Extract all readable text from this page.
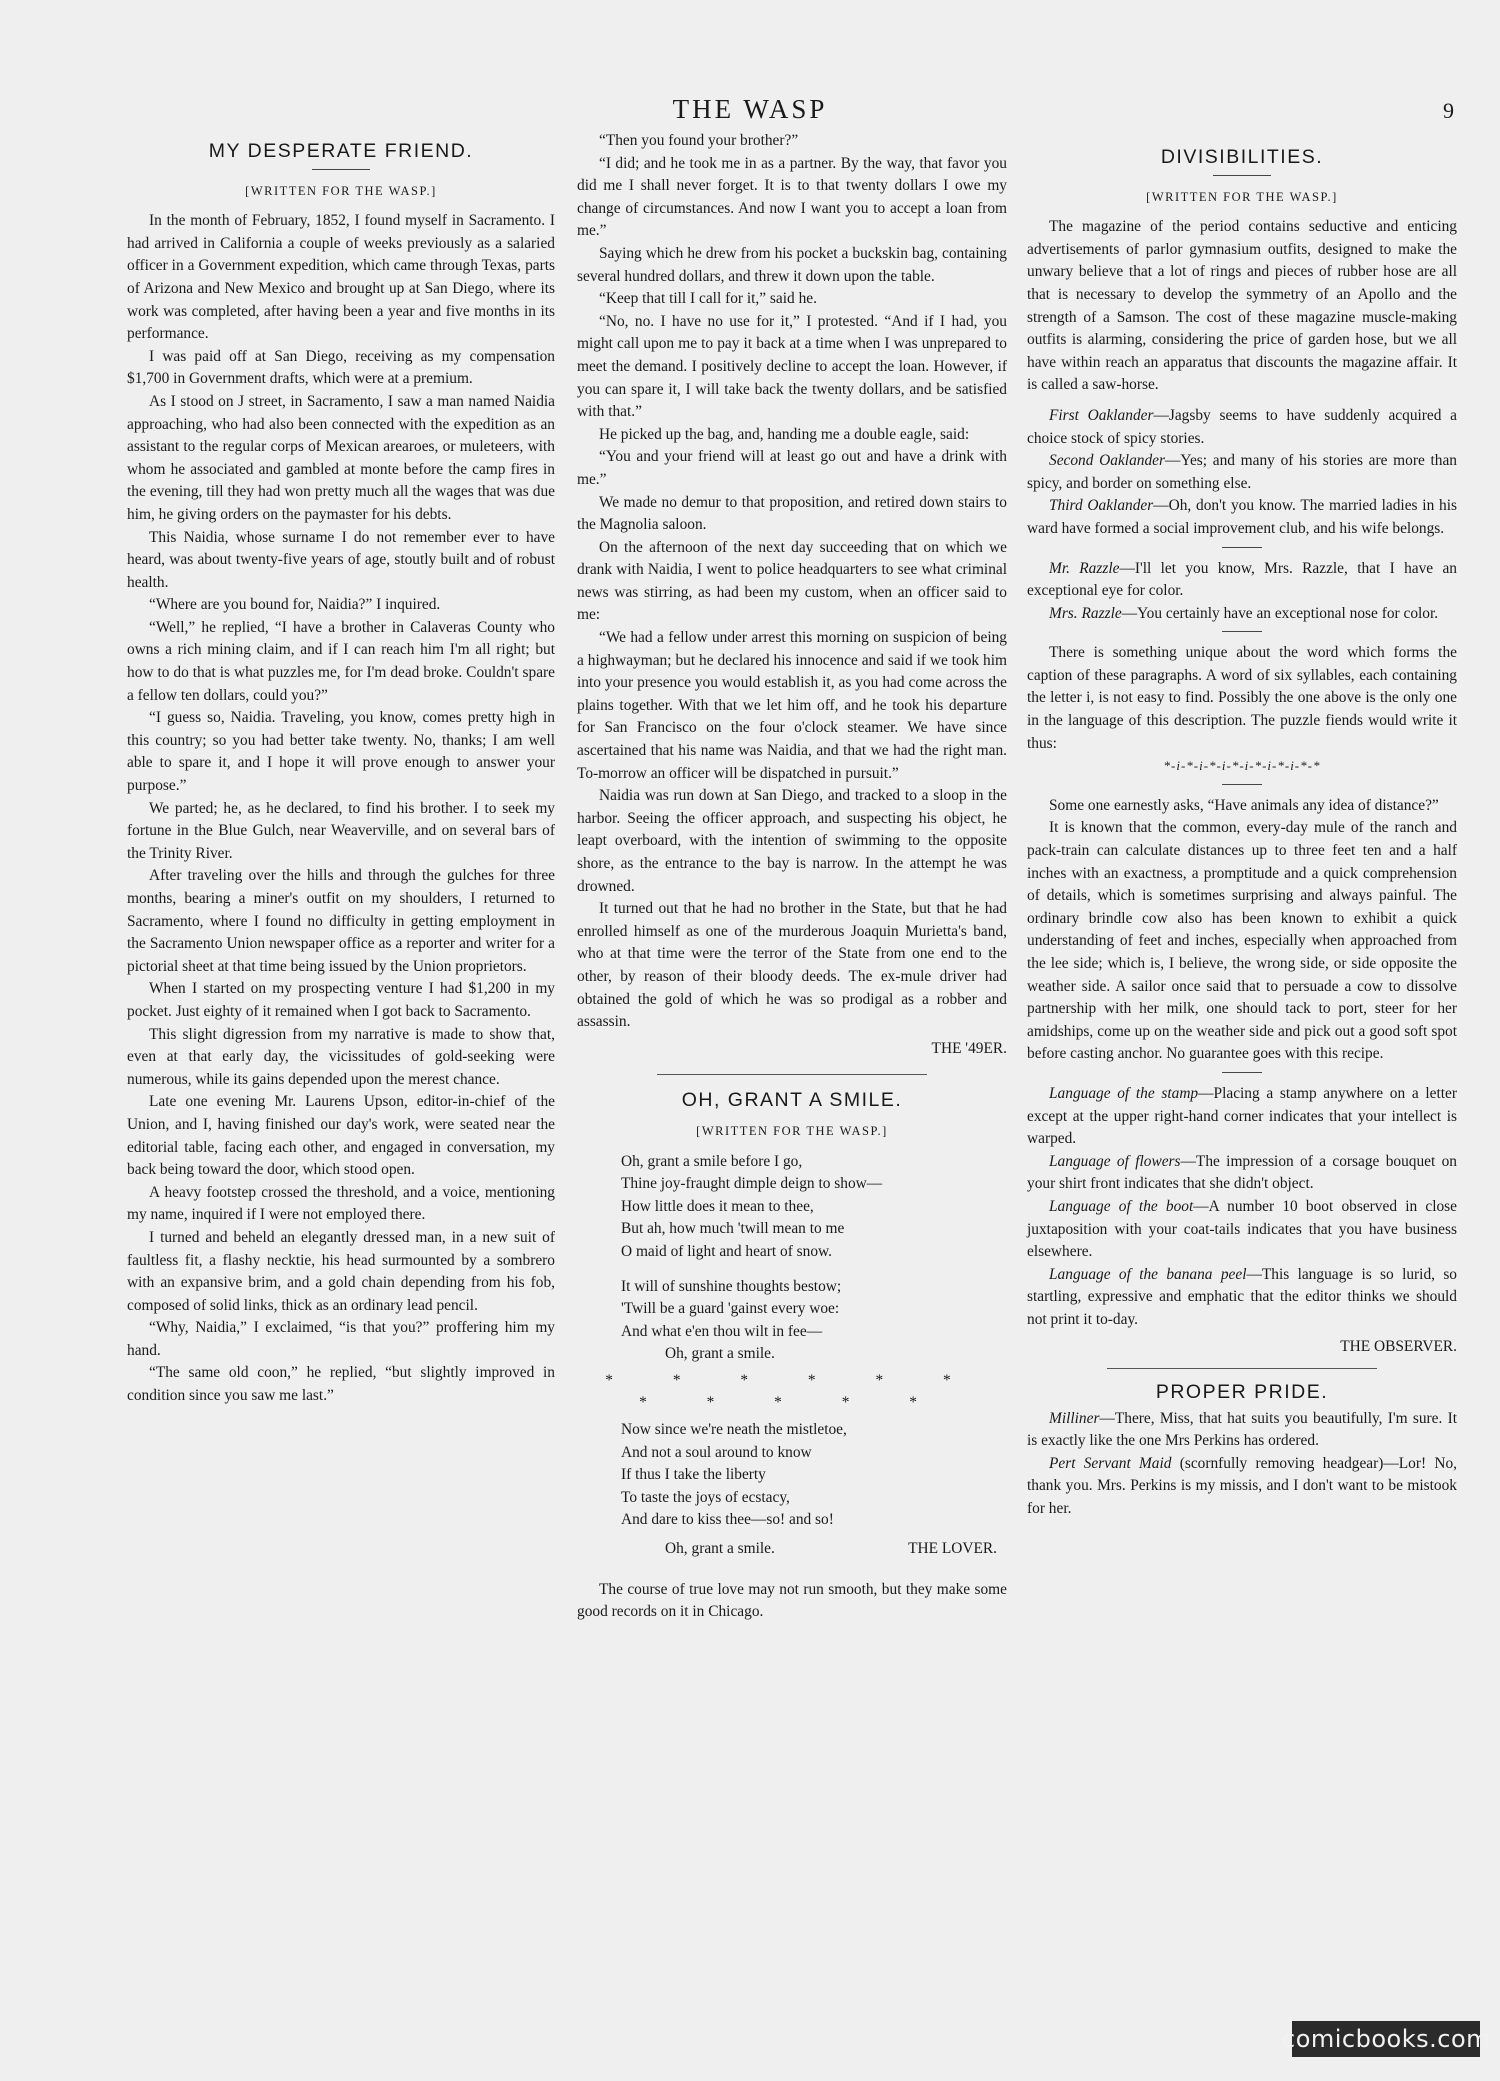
THE WASP	9
MY DESPERATE FRIEND.
[WRITTEN FOR THE WASP.]

In the month of February, 1852, I found myself in Sacramento. I had arrived in California a couple of weeks previously as a salaried officer in a Government expedition, which came through Texas, parts of Arizona and New Mexico and brought up at San Diego, where its work was completed, after having been a year and five months in its performance.

I was paid off at San Diego, receiving as my compensation $1,700 in Government drafts, which were at a premium.

As I stood on J street, in Sacramento, I saw a man named Naidia approaching, who had also been connected with the expedition as an assistant to the regular corps of Mexican arearoes, or muleteers, with whom he associated and gambled at monte before the camp fires in the evening, till they had won pretty much all the wages that was due him, he giving orders on the paymaster for his debts.

This Naidia, whose surname I do not remember ever to have heard, was about twenty-five years of age, stoutly built and of robust health.

“Where are you bound for, Naidia?” I inquired.

“Well,” he replied, “I have a brother in Calaveras County who owns a rich mining claim, and if I can reach him I'm all right; but how to do that is what puzzles me, for I'm dead broke. Couldn't spare a fellow ten dollars, could you?”

“I guess so, Naidia. Traveling, you know, comes pretty high in this country; so you had better take twenty. No, thanks; I am well able to spare it, and I hope it will prove enough to answer your purpose.”

We parted; he, as he declared, to find his brother. I to seek my fortune in the Blue Gulch, near Weaverville, and on several bars of the Trinity River.

After traveling over the hills and through the gulches for three months, bearing a miner's outfit on my shoulders, I returned to Sacramento, where I found no difficulty in getting employment in the Sacramento Union newspaper office as a reporter and writer for a pictorial sheet at that time being issued by the Union proprietors.

When I started on my prospecting venture I had $1,200 in my pocket. Just eighty of it remained when I got back to Sacramento.

This slight digression from my narrative is made to show that, even at that early day, the vicissitudes of gold-seeking were numerous, while its gains depended upon the merest chance.

Late one evening Mr. Laurens Upson, editor-in-chief of the Union, and I, having finished our day's work, were seated near the editorial table, facing each other, and engaged in conversation, my back being toward the door, which stood open.

A heavy footstep crossed the threshold, and a voice, mentioning my name, inquired if I were not employed there.

I turned and beheld an elegantly dressed man, in a new suit of faultless fit, a flashy necktie, his head surmounted by a sombrero with an expansive brim, and a gold chain depending from his fob, composed of solid links, thick as an ordinary lead pencil.

“Why, Naidia,” I exclaimed, “is that you?” proffering him my hand.

“The same old coon,” he replied, “but slightly improved in condition since you saw me last.”

“Then you found your brother?”

“I did; and he took me in as a partner. By the way, that favor you did me I shall never forget. It is to that twenty dollars I owe my change of circumstances. And now I want you to accept a loan from me.”

Saying which he drew from his pocket a buckskin bag, containing several hundred dollars, and threw it down upon the table.

“Keep that till I call for it,” said he.

“No, no. I have no use for it,” I protested. “And if I had, you might call upon me to pay it back at a time when I was unprepared to meet the demand. I positively decline to accept the loan. However, if you can spare it, I will take back the twenty dollars, and be satisfied with that.”

He picked up the bag, and, handing me a double eagle, said:

“You and your friend will at least go out and have a drink with me.”

We made no demur to that proposition, and retired down stairs to the Magnolia saloon.

On the afternoon of the next day succeeding that on which we drank with Naidia, I went to police headquarters to see what criminal news was stirring, as had been my custom, when an officer said to me:

“We had a fellow under arrest this morning on suspicion of being a highwayman; but he declared his innocence and said if we took him into your presence you would establish it, as you had come across the plains together. With that we let him off, and he took his departure for San Francisco on the four o'clock steamer. We have since ascertained that his name was Naidia, and that we had the right man. To-morrow an officer will be dispatched in pursuit.”

Naidia was run down at San Diego, and tracked to a sloop in the harbor. Seeing the officer approach, and suspecting his object, he leapt overboard, with the intention of swimming to the opposite shore, as the entrance to the bay is narrow. In the attempt he was drowned.

It turned out that he had no brother in the State, but that he had enrolled himself as one of the murderous Joaquin Murietta's band, who at that time were the terror of the State from one end to the other, by reason of their bloody deeds. The ex-mule driver had obtained the gold of which he was so prodigal as a robber and assassin.

THE '49ER.
OH, GRANT A SMILE.
[WRITTEN FOR THE WASP.]
Oh, grant a smile before I go,
Thine joy-fraught dimple deign to show—
How little does it mean to thee,
But ah, how much 'twill mean to me
O maid of light and heart of snow.
It will of sunshine thoughts bestow;
'Twill be a guard 'gainst every woe:
And what e'en thou wilt in fee—
Oh, grant a smile.
* * * * * * * * * * *
Now since we're neath the mistletoe,
And not a soul around to know
If thus I take the liberty
To taste the joys of ecstacy,
And dare to kiss thee—so! and so!
Oh, grant a smile.	THE LOVER.

The course of true love may not run smooth, but they make some good records on it in Chicago.

DIVISIBILITIES.
[WRITTEN FOR THE WASP.]

The magazine of the period contains seductive and enticing advertisements of parlor gymnasium outfits, designed to make the unwary believe that a lot of rings and pieces of rubber hose are all that is necessary to develop the symmetry of an Apollo and the strength of a Samson. The cost of these magazine muscle-making outfits is alarming, considering the price of garden hose, but we all have within reach an apparatus that discounts the magazine affair. It is called a saw-horse.

First Oaklander—Jagsby seems to have suddenly acquired a choice stock of spicy stories.

Second Oaklander—Yes; and many of his stories are more than spicy, and border on something else.

Third Oaklander—Oh, don't you know. The married ladies in his ward have formed a social improvement club, and his wife belongs.

Mr. Razzle—I'll let you know, Mrs. Razzle, that I have an exceptional eye for color.

Mrs. Razzle—You certainly have an exceptional nose for color.

There is something unique about the word which forms the caption of these paragraphs. A word of six syllables, each containing the letter i, is not easy to find. Possibly the one above is the only one in the language of this description. The puzzle fiends would write it thus:

*-i-*-i-*-i-*-i-*-i-*-i-*-*

Some one earnestly asks, “Have animals any idea of distance?”

It is known that the common, every-day mule of the ranch and pack-train can calculate distances up to three feet ten and a half inches with an exactness, a promptitude and a quick comprehension of details, which is sometimes surprising and always painful. The ordinary brindle cow also has been known to exhibit a quick understanding of feet and inches, especially when approached from the lee side; which is, I believe, the wrong side, or side opposite the weather side. A sailor once said that to persuade a cow to dissolve partnership with her milk, one should tack to port, steer for her amidships, come up on the weather side and pick out a good soft spot before casting anchor. No guarantee goes with this recipe.

Language of the stamp—Placing a stamp anywhere on a letter except at the upper right-hand corner indicates that your intellect is warped.

Language of flowers—The impression of a corsage bouquet on your shirt front indicates that she didn't object.

Language of the boot—A number 10 boot observed in close juxtaposition with your coat-tails indicates that you have business elsewhere.

Language of the banana peel—This language is so lurid, so startling, expressive and emphatic that the editor thinks we should not print it to-day.

THE OBSERVER.
PROPER PRIDE.

Milliner—There, Miss, that hat suits you beautifully, I'm sure. It is exactly like the one Mrs Perkins has ordered.

Pert Servant Maid (scornfully removing headgear)—Lor! No, thank you. Mrs. Perkins is my missis, and I don't want to be mistook for her.

comicbooks.com
